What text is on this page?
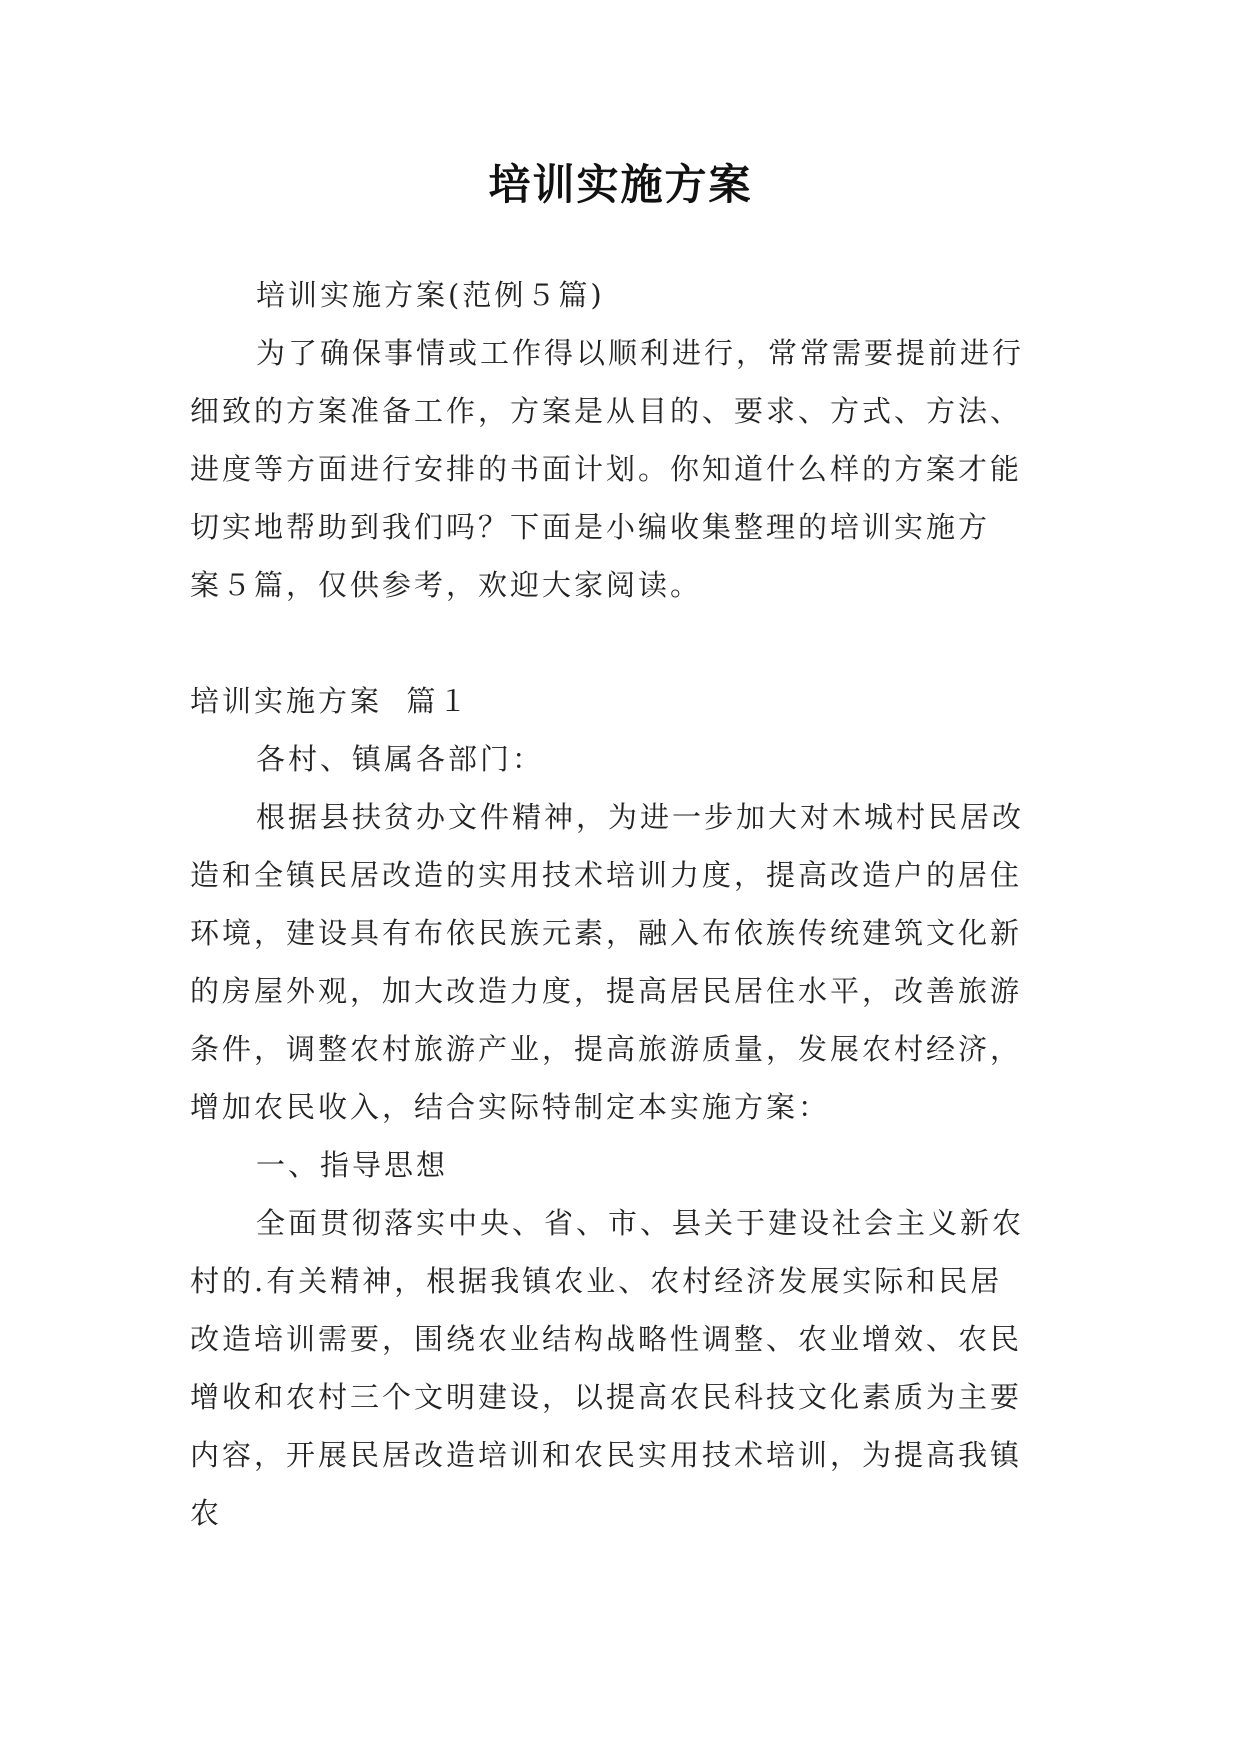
培训实施方案

培训实施方案(范例５篇)

为了确保事情或工作得以顺利进行，常常需要提前进行
细致的方案准备工作，方案是从目的、要求、方式、方法、
进度等方面进行安排的书面计划。你知道什么样的方案才能
切实地帮助到我们吗？下面是小编收集整理的培训实施方
案５篇，仅供参考，欢迎大家阅读。

培训实施方案  篇１

各村、镇属各部门：

根据县扶贫办文件精神，为进一步加大对木城村民居改
造和全镇民居改造的实用技术培训力度，提高改造户的居住
环境，建设具有布依民族元素，融入布依族传统建筑文化新
的房屋外观，加大改造力度，提高居民居住水平，改善旅游
条件，调整农村旅游产业，提高旅游质量，发展农村经济，
增加农民收入，结合实际特制定本实施方案：

一、指导思想

全面贯彻落实中央、省、市、县关于建设社会主义新农
村的.有关精神，根据我镇农业、农村经济发展实际和民居
改造培训需要，围绕农业结构战略性调整、农业增效、农民
增收和农村三个文明建设，以提高农民科技文化素质为主要
内容，开展民居改造培训和农民实用技术培训，为提高我镇
农
